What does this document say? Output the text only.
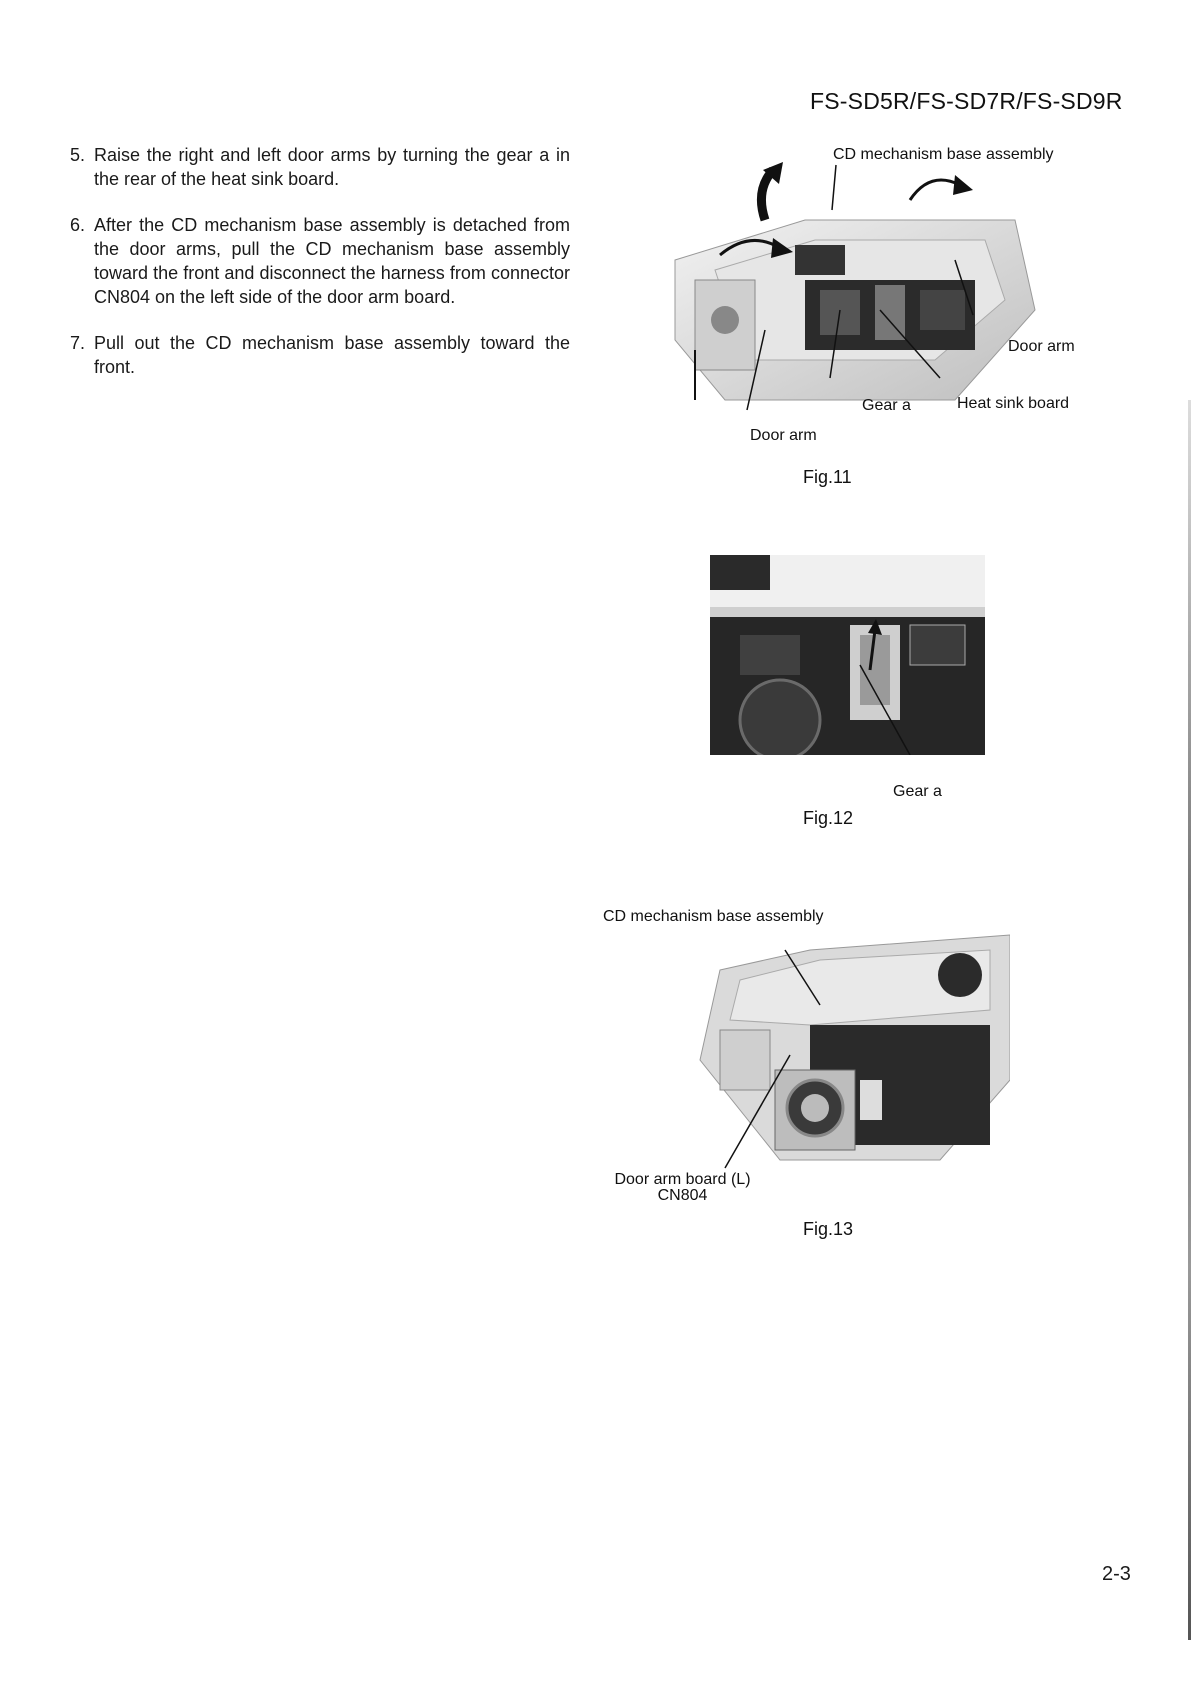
FS-SD5R/FS-SD7R/FS-SD9R
5. Raise the right and left door arms by turning the gear a in the rear of the heat sink board.
6. After the CD mechanism base assembly is detached from the door arms, pull the CD mechanism base assembly toward the front and disconnect the harness from connector CN804 on the left side of the door arm board.
7. Pull out the CD mechanism base assembly toward the front.
CD mechanism base assembly
Door arm
Gear a	Heat sink board
Door arm
Fig.11
Gear a
Fig.12
CD mechanism base assembly
Door arm board (L)
CN804
Fig.13
2-3
